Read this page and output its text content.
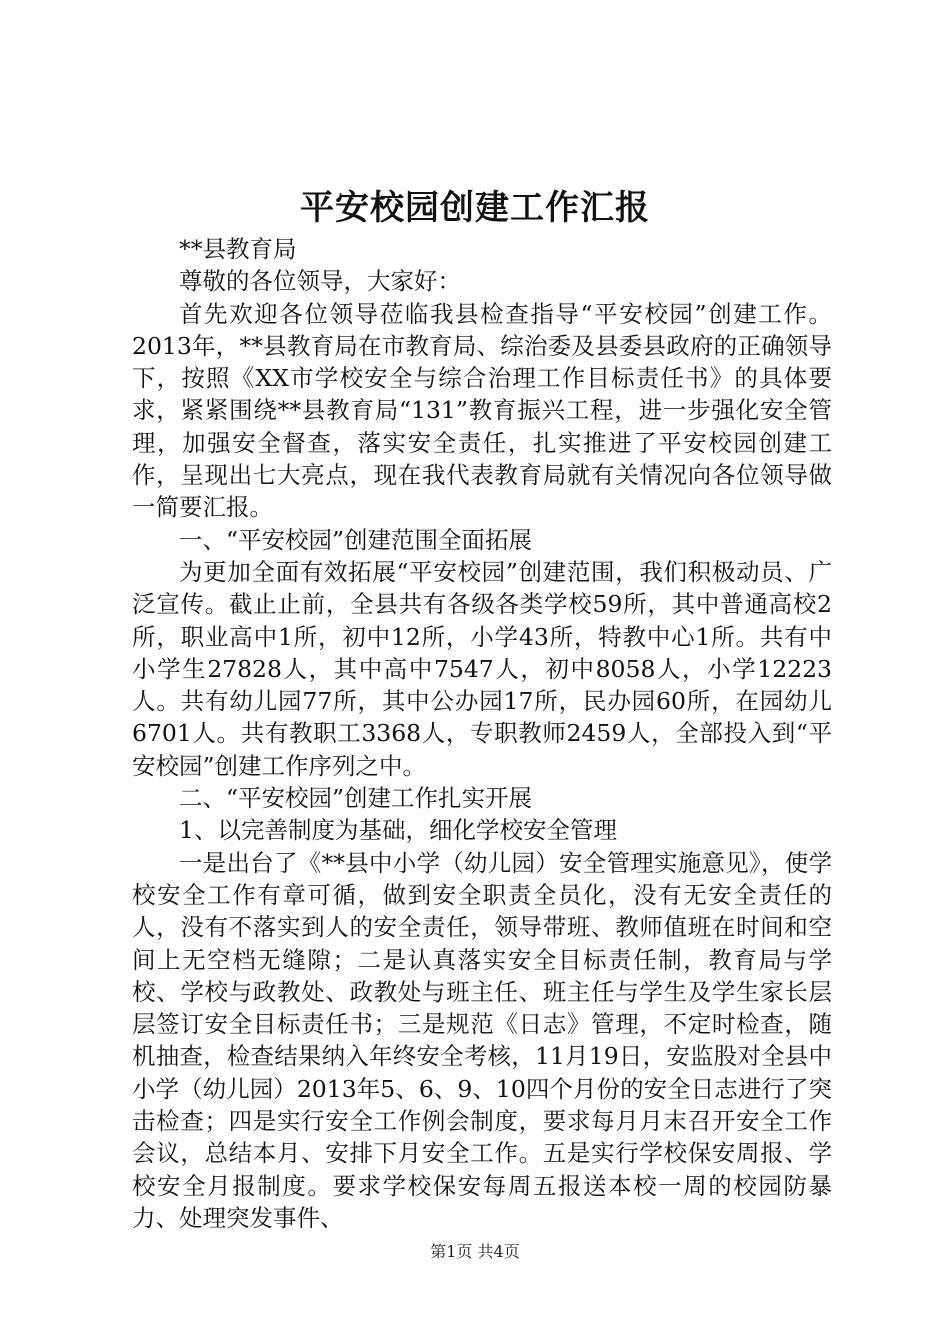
平安校园创建工作汇报

**县教育局

尊敬的各位领导，大家好：

首先欢迎各位领导莅临我县检查指导“平安校园”创建工作。2013年，**县教育局在市教育局、综治委及县委县政府的正确领导下，按照《XX市学校安全与综合治理工作目标责任书》的具体要求，紧紧围绕**县教育局“131”教育振兴工程，进一步强化安全管理，加强安全督查，落实安全责任，扎实推进了平安校园创建工作，呈现出七大亮点，现在我代表教育局就有关情况向各位领导做一简要汇报。

一、“平安校园”创建范围全面拓展

为更加全面有效拓展“平安校园”创建范围，我们积极动员、广泛宣传。截止止前，全县共有各级各类学校59所，其中普通高校2所，职业高中1所，初中12所，小学43所，特教中心1所。共有中小学生27828人，其中高中7547人，初中8058人，小学12223人。共有幼儿园77所，其中公办园17所，民办园60所，在园幼儿6701人。共有教职工3368人，专职教师2459人，全部投入到“平安校园”创建工作序列之中。

二、“平安校园”创建工作扎实开展

1、以完善制度为基础，细化学校安全管理

一是出台了《**县中小学（幼儿园）安全管理实施意见》，使学校安全工作有章可循，做到安全职责全员化，没有无安全责任的人，没有不落实到人的安全责任，领导带班、教师值班在时间和空间上无空档无缝隙；二是认真落实安全目标责任制，教育局与学校、学校与政教处、政教处与班主任、班主任与学生及学生家长层层签订安全目标责任书；三是规范《日志》管理，不定时检查，随机抽查，检查结果纳入年终安全考核，11月19日，安监股对全县中小学（幼儿园）2013年5、6、9、10四个月份的安全日志进行了突击检查；四是实行安全工作例会制度，要求每月月末召开安全工作会议，总结本月、安排下月安全工作。五是实行学校保安周报、学校安全月报制度。要求学校保安每周五报送本校一周的校园防暴力、处理突发事件、

第1页 共4页
